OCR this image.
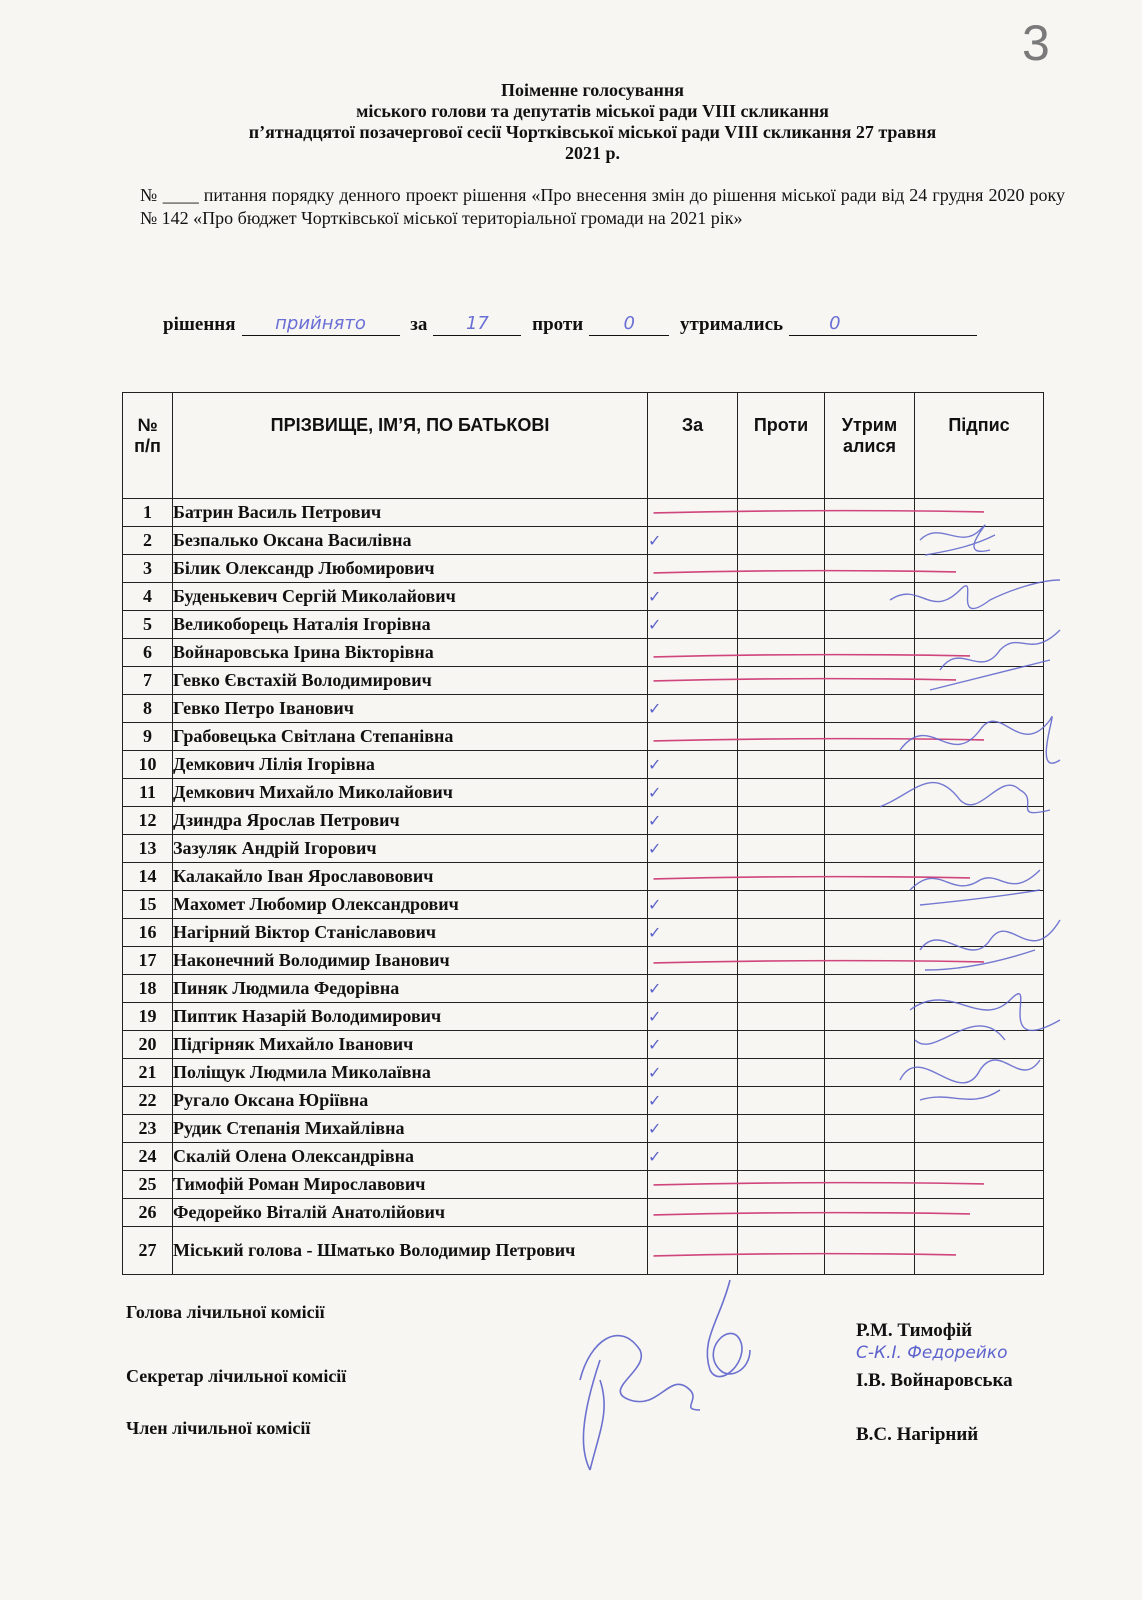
3
Поіменне голосування
міського голови та депутатів міської ради VIII скликання
п’ятнадцятої позачергової сесії Чортківської міської ради VIII скликання 27 травня
2021 р.
№ ____ питання порядку денного проект рішення «Про внесення змін до рішення міської ради від 24 грудня 2020 року № 142 «Про бюджет Чортківської міської територіальної громади на 2021 рік»
рішення	прийнято	за	17	проти	0	утримались	0
№ п/п	ПРІЗВИЩЕ, ІМ’Я, ПО БАТЬКОВІ	За	Проти	Утрималися	Підпис
1	Батрин Василь Петрович				
2	Безпалько Оксана Василівна	✓			
3	Білик Олександр Любомирович				
4	Буденькевич Сергій Миколайович	✓			
5	Великоборець Наталія Ігорівна	✓			
6	Войнаровська Ірина Вікторівна				
7	Гевко Євстахій Володимирович				
8	Гевко Петро Іванович	✓			
9	Грабовецька Світлана Степанівна				
10	Демкович Лілія Ігорівна	✓			
11	Демкович Михайло Миколайович	✓			
12	Дзиндра Ярослав Петрович	✓			
13	Зазуляк Андрій Ігорович	✓			
14	Калакайло Іван Ярославовович				
15	Махомет Любомир Олександрович	✓			
16	Нагірний Віктор Станіславович	✓			
17	Наконечний Володимир Іванович				
18	Пиняк Людмила Федорівна	✓			
19	Пиптик Назарій Володимирович	✓			
20	Підгірняк Михайло Іванович	✓			
21	Поліщук Людмила Миколаївна	✓			
22	Ругало Оксана Юріївна	✓			
23	Рудик Степанія Михайлівна	✓			
24	Скалій Олена Олександрівна	✓			
25	Тимофій Роман Мирославович				
26	Федорейко Віталій Анатолійович				
27	Міський голова - Шматько Володимир Петрович				
Голова лічильної комісії
Р.М. Тимофій
С-К.І. Федорейко
Секретар лічильної комісії	І.В. Войнаровська
Член лічильної комісії	В.С. Нагірний
